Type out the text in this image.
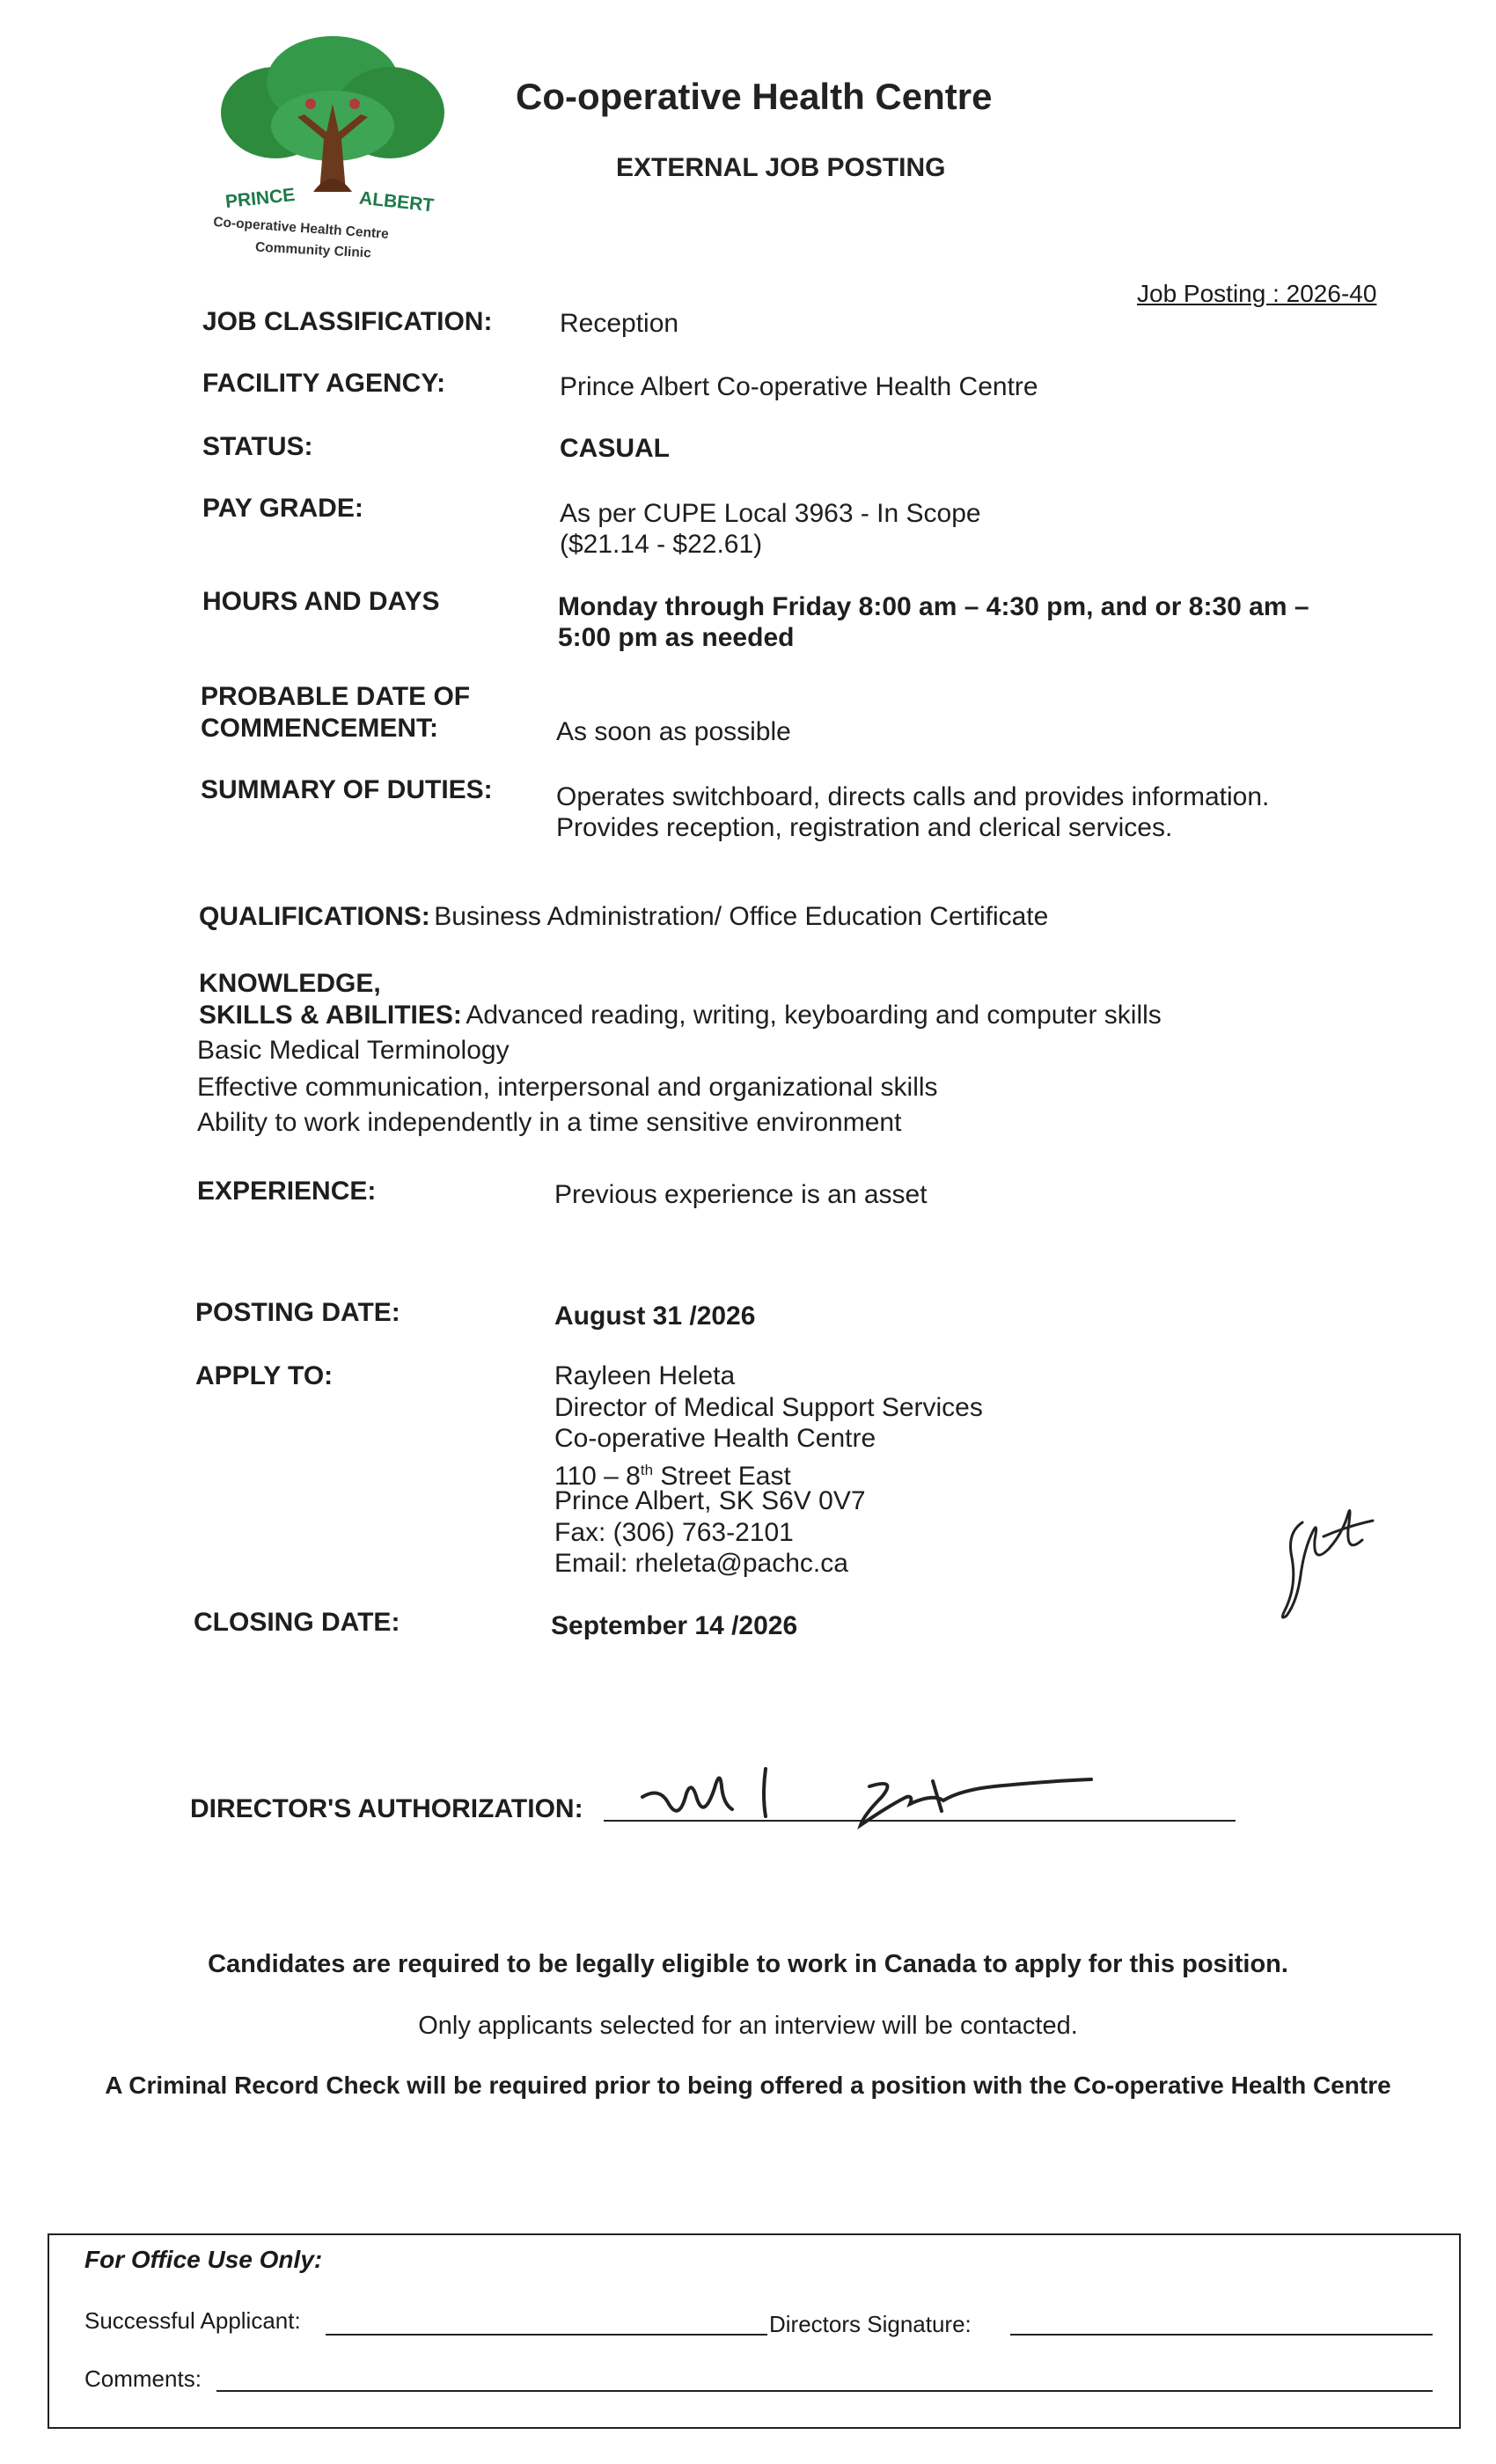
PRINCE	ALBERT
Co-operative Health Centre
Community Clinic
Co-operative Health Centre
EXTERNAL JOB POSTING
Job Posting : 2026-40
JOB CLASSIFICATION:	Reception
FACILITY AGENCY:	Prince Albert Co-operative Health Centre
STATUS:	CASUAL
PAY GRADE:	As per CUPE Local 3963 - In Scope
($21.14 - $22.61)
HOURS AND DAYS	Monday through Friday 8:00 am – 4:30 pm, and or 8:30 am –
5:00 pm as needed
PROBABLE DATE OF
COMMENCEMENT:	As soon as possible
SUMMARY OF DUTIES: Operates switchboard, directs calls and provides information.
Provides reception, registration and clerical services.
QUALIFICATIONS: Business Administration/ Office Education Certificate
KNOWLEDGE,
SKILLS & ABILITIES: Advanced reading, writing, keyboarding and computer skills
Basic Medical Terminology
Effective communication, interpersonal and organizational skills
Ability to work independently in a time sensitive environment
EXPERIENCE:	Previous experience is an asset
POSTING DATE:	August 31 /2026
APPLY TO:	Rayleen Heleta
Director of Medical Support Services
Co-operative Health Centre
110 – 8th Street East
Prince Albert, SK S6V 0V7
Fax: (306) 763-2101
Email: rheleta@pachc.ca
CLOSING DATE:	September 14 /2026
DIRECTOR'S AUTHORIZATION:
Candidates are required to be legally eligible to work in Canada to apply for this position.
Only applicants selected for an interview will be contacted.
A Criminal Record Check will be required prior to being offered a position with the Co-operative Health Centre
For Office Use Only:
Successful Applicant:	Directors Signature:
Comments:
